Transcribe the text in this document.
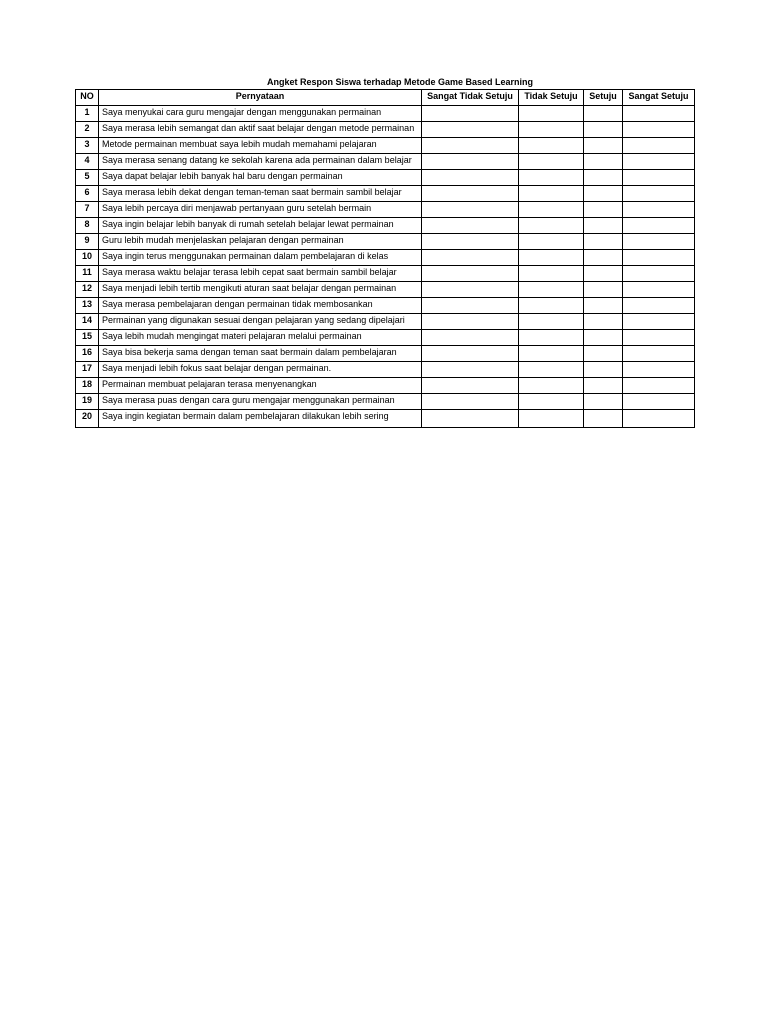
Angket Respon Siswa terhadap Metode Game Based Learning
NO	Pernyataan	Sangat Tidak Setuju	Tidak Setuju	Setuju	Sangat Setuju
1	Saya menyukai cara guru mengajar dengan menggunakan permainan				
2	Saya merasa lebih semangat dan aktif saat belajar dengan metode permainan				
3	Metode permainan membuat saya lebih mudah memahami pelajaran				
4	Saya merasa senang datang ke sekolah karena ada permainan dalam belajar				
5	Saya dapat belajar lebih banyak hal baru dengan permainan				
6	Saya merasa lebih dekat dengan teman-teman saat bermain sambil belajar				
7	Saya lebih percaya diri menjawab pertanyaan guru setelah bermain				
8	Saya ingin belajar lebih banyak di rumah setelah belajar lewat permainan				
9	Guru lebih mudah menjelaskan pelajaran dengan permainan				
10	Saya ingin terus menggunakan permainan dalam pembelajaran di kelas				
11	Saya merasa waktu belajar terasa lebih cepat saat bermain sambil belajar				
12	Saya menjadi lebih tertib mengikuti aturan saat belajar dengan permainan				
13	Saya merasa pembelajaran dengan permainan tidak membosankan				
14	Permainan yang digunakan sesuai dengan pelajaran yang sedang dipelajari				
15	Saya lebih mudah mengingat materi pelajaran melalui permainan				
16	Saya bisa bekerja sama dengan teman saat bermain dalam pembelajaran				
17	Saya menjadi lebih fokus saat belajar dengan permainan.				
18	Permainan membuat pelajaran terasa menyenangkan				
19	Saya merasa puas dengan cara guru mengajar menggunakan permainan				
20	Saya ingin kegiatan bermain dalam pembelajaran dilakukan lebih sering				
